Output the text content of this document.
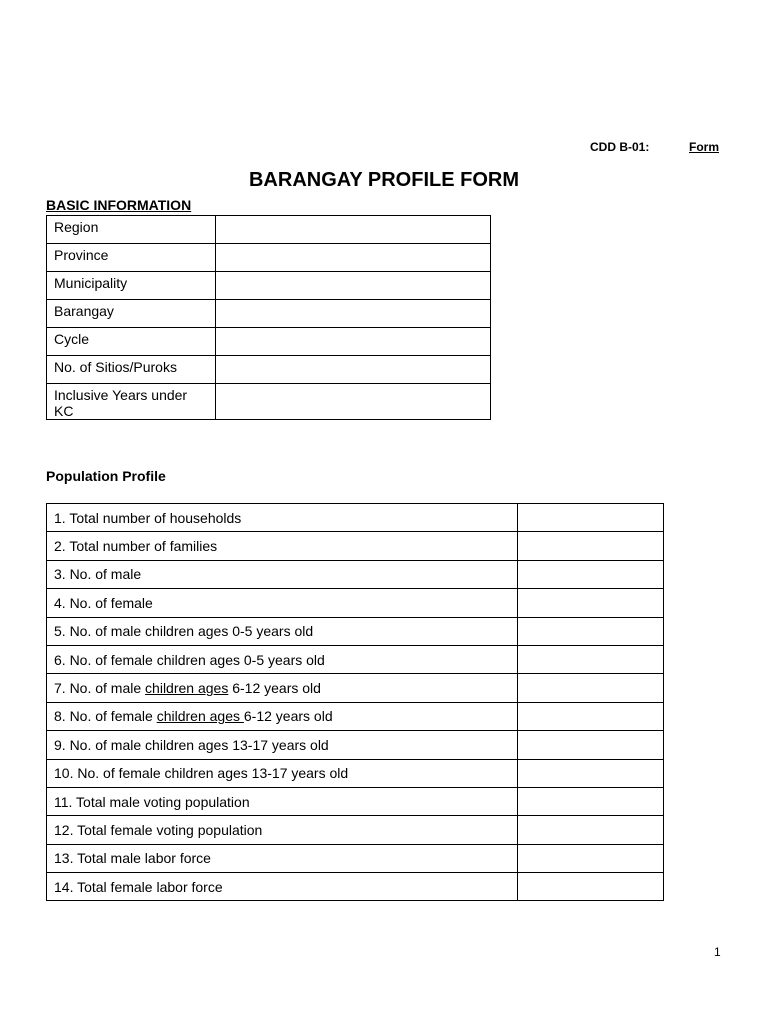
CDD B-01:	Form
BARANGAY PROFILE FORM
BASIC INFORMATION
Region	
Province	
Municipality	
Barangay	
Cycle	
No. of Sitios/Puroks	
Inclusive Years under KC	
Population Profile
1. Total number of households	
2. Total number of families	
3. No. of male	
4. No. of female	
5. No. of male children ages 0-5 years old	
6. No. of female children ages 0-5 years old	
7. No. of male children ages 6-12 years old	
8. No. of female children ages 6-12 years old	
9. No. of male children ages 13-17 years old	
10. No. of female children ages 13-17 years old	
11. Total male voting population	
12. Total female voting population	
13. Total male labor force	
14. Total female labor force	
1
